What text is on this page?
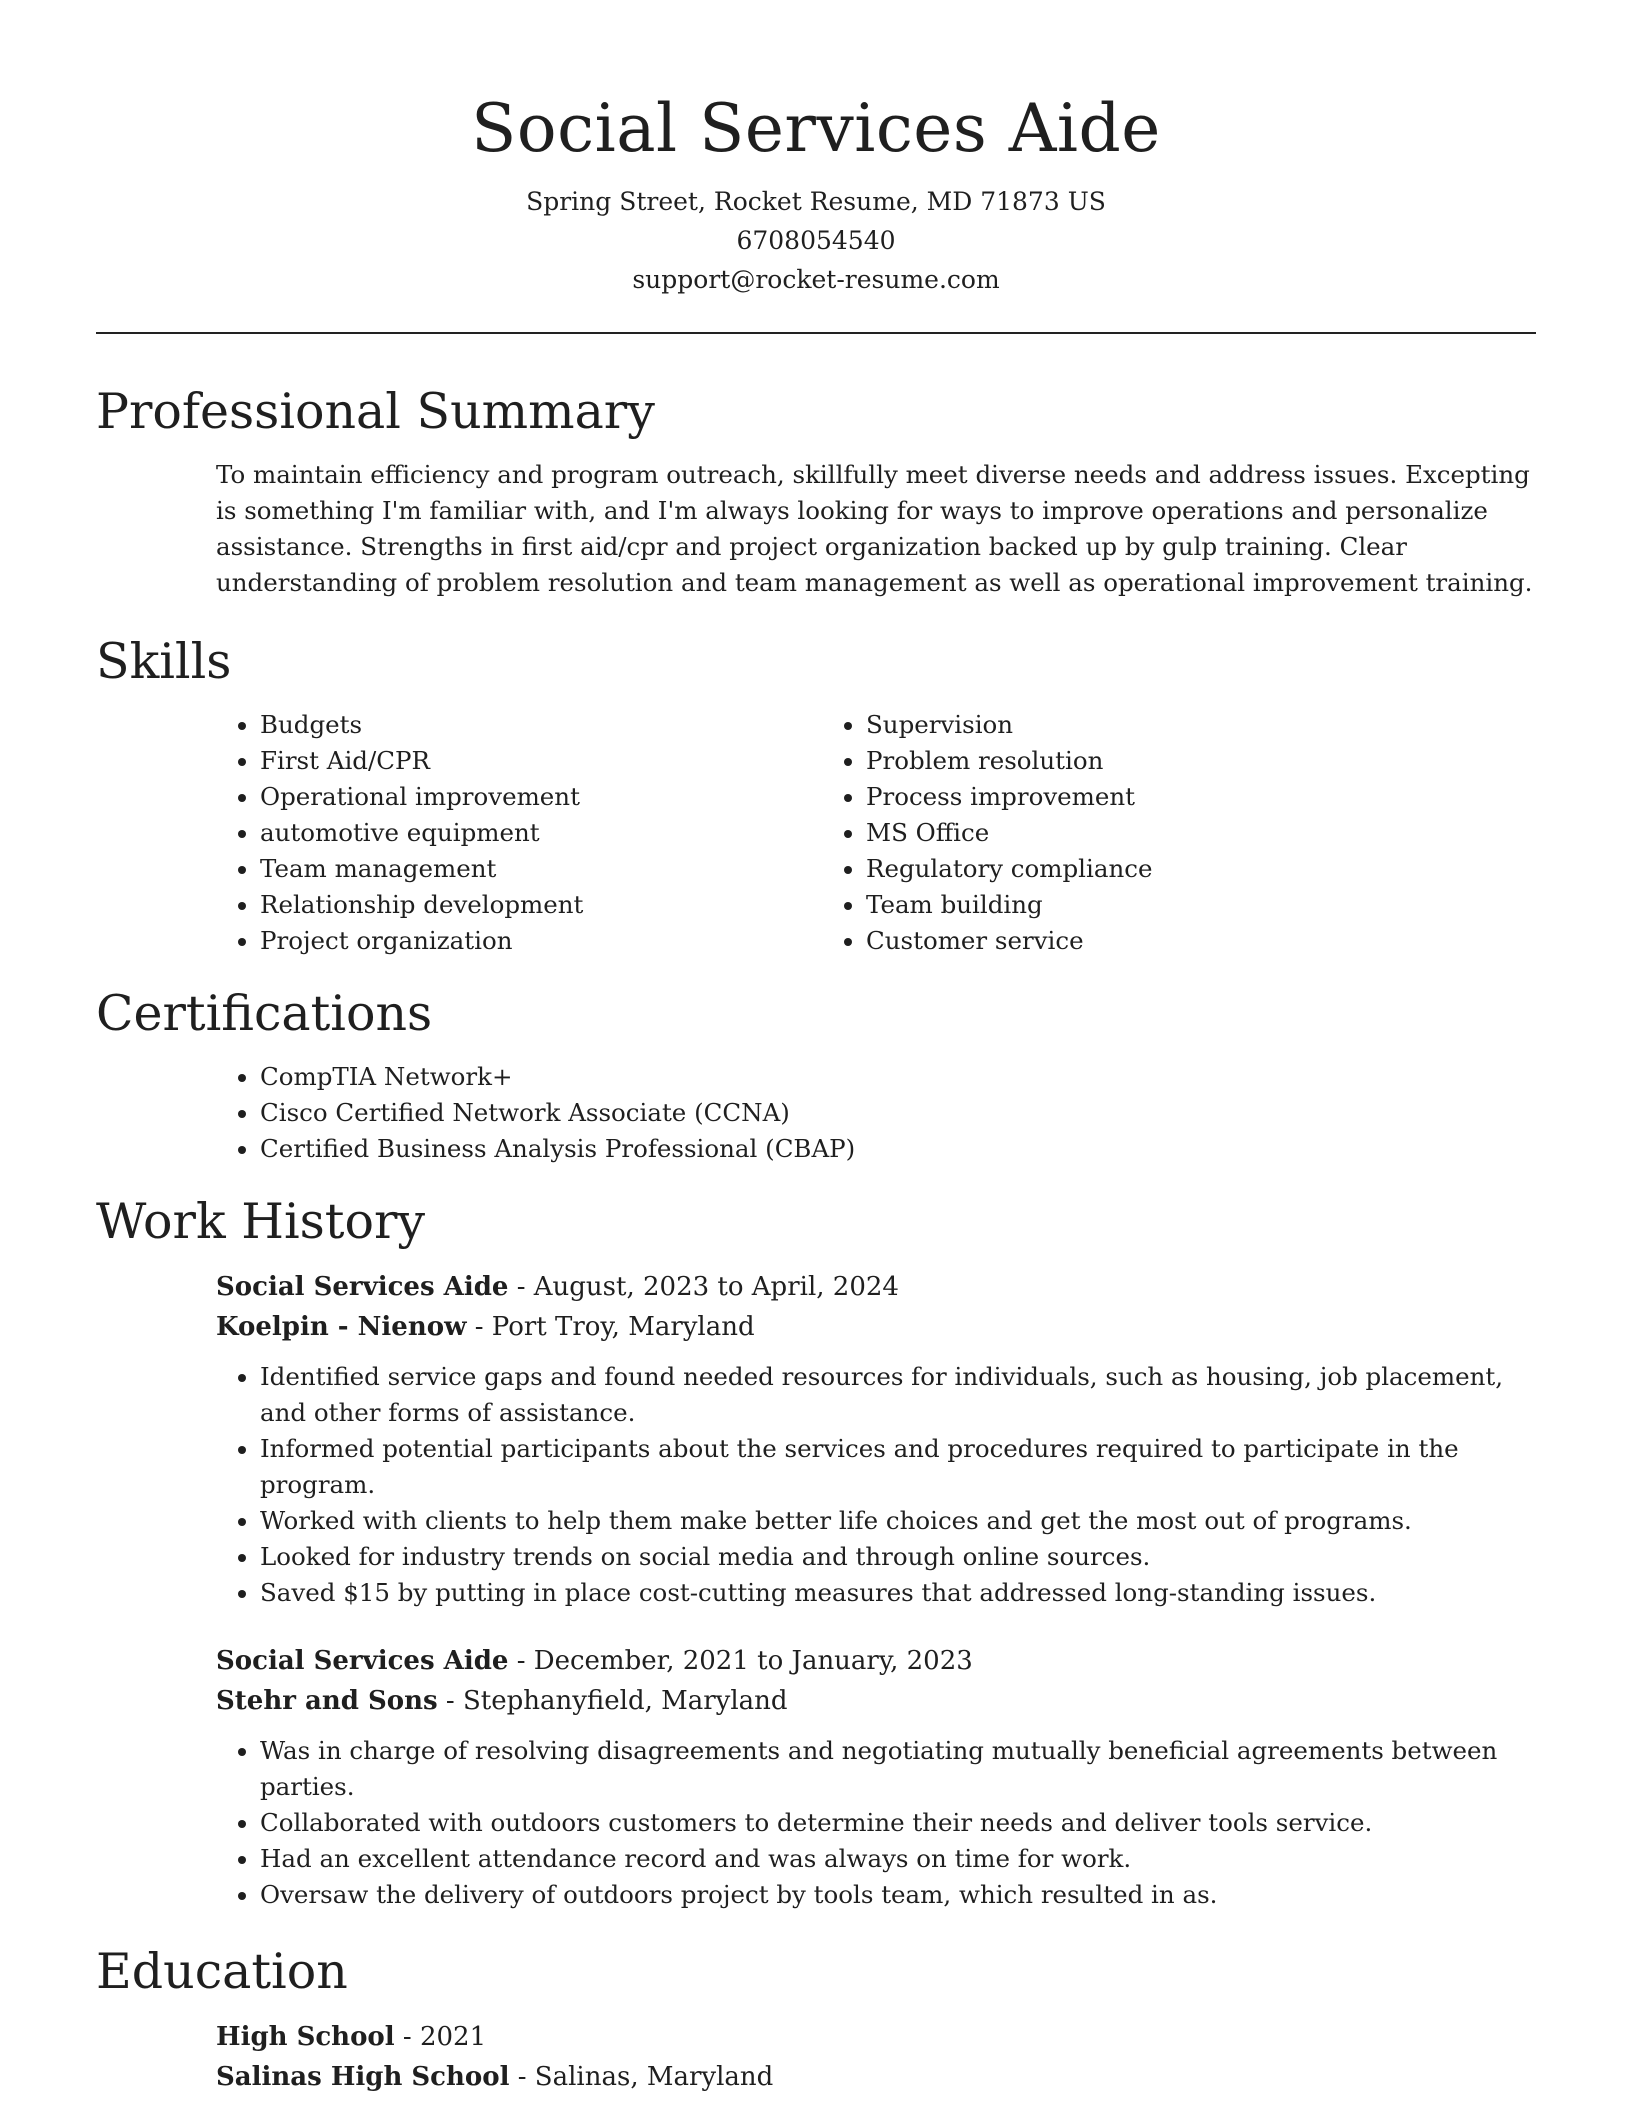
Social Services Aide
Spring Street, Rocket Resume, MD 71873 US
6708054540
support@rocket-resume.com
Professional Summary

To maintain efficiency and program outreach, skillfully meet diverse needs and address issues. Excepting is something I'm familiar with, and I'm always looking for ways to improve operations and personalize assistance. Strengths in first aid/cpr and project organization backed up by gulp training. Clear understanding of problem resolution and team management as well as operational improvement training.

Skills
• Budgets
• First Aid/CPR
• Operational improvement
• automotive equipment
• Team management
• Relationship development
• Project organization
• Supervision
• Problem resolution
• Process improvement
• MS Office
• Regulatory compliance
• Team building
• Customer service
Certifications
• CompTIA Network+
• Cisco Certified Network Associate (CCNA)
• Certified Business Analysis Professional (CBAP)
Work History
Social Services Aide - August, 2023 to April, 2024
Koelpin - Nienow - Port Troy, Maryland
• Identified service gaps and found needed resources for individuals, such as housing, job placement, and other forms of assistance.
• Informed potential participants about the services and procedures required to participate in the program.
• Worked with clients to help them make better life choices and get the most out of programs.
• Looked for industry trends on social media and through online sources.
• Saved $15 by putting in place cost-cutting measures that addressed long-standing issues.
Social Services Aide - December, 2021 to January, 2023
Stehr and Sons - Stephanyfield, Maryland
• Was in charge of resolving disagreements and negotiating mutually beneficial agreements between parties.
• Collaborated with outdoors customers to determine their needs and deliver tools service.
• Had an excellent attendance record and was always on time for work.
• Oversaw the delivery of outdoors project by tools team, which resulted in as.
Education
High School - 2021
Salinas High School - Salinas, Maryland
